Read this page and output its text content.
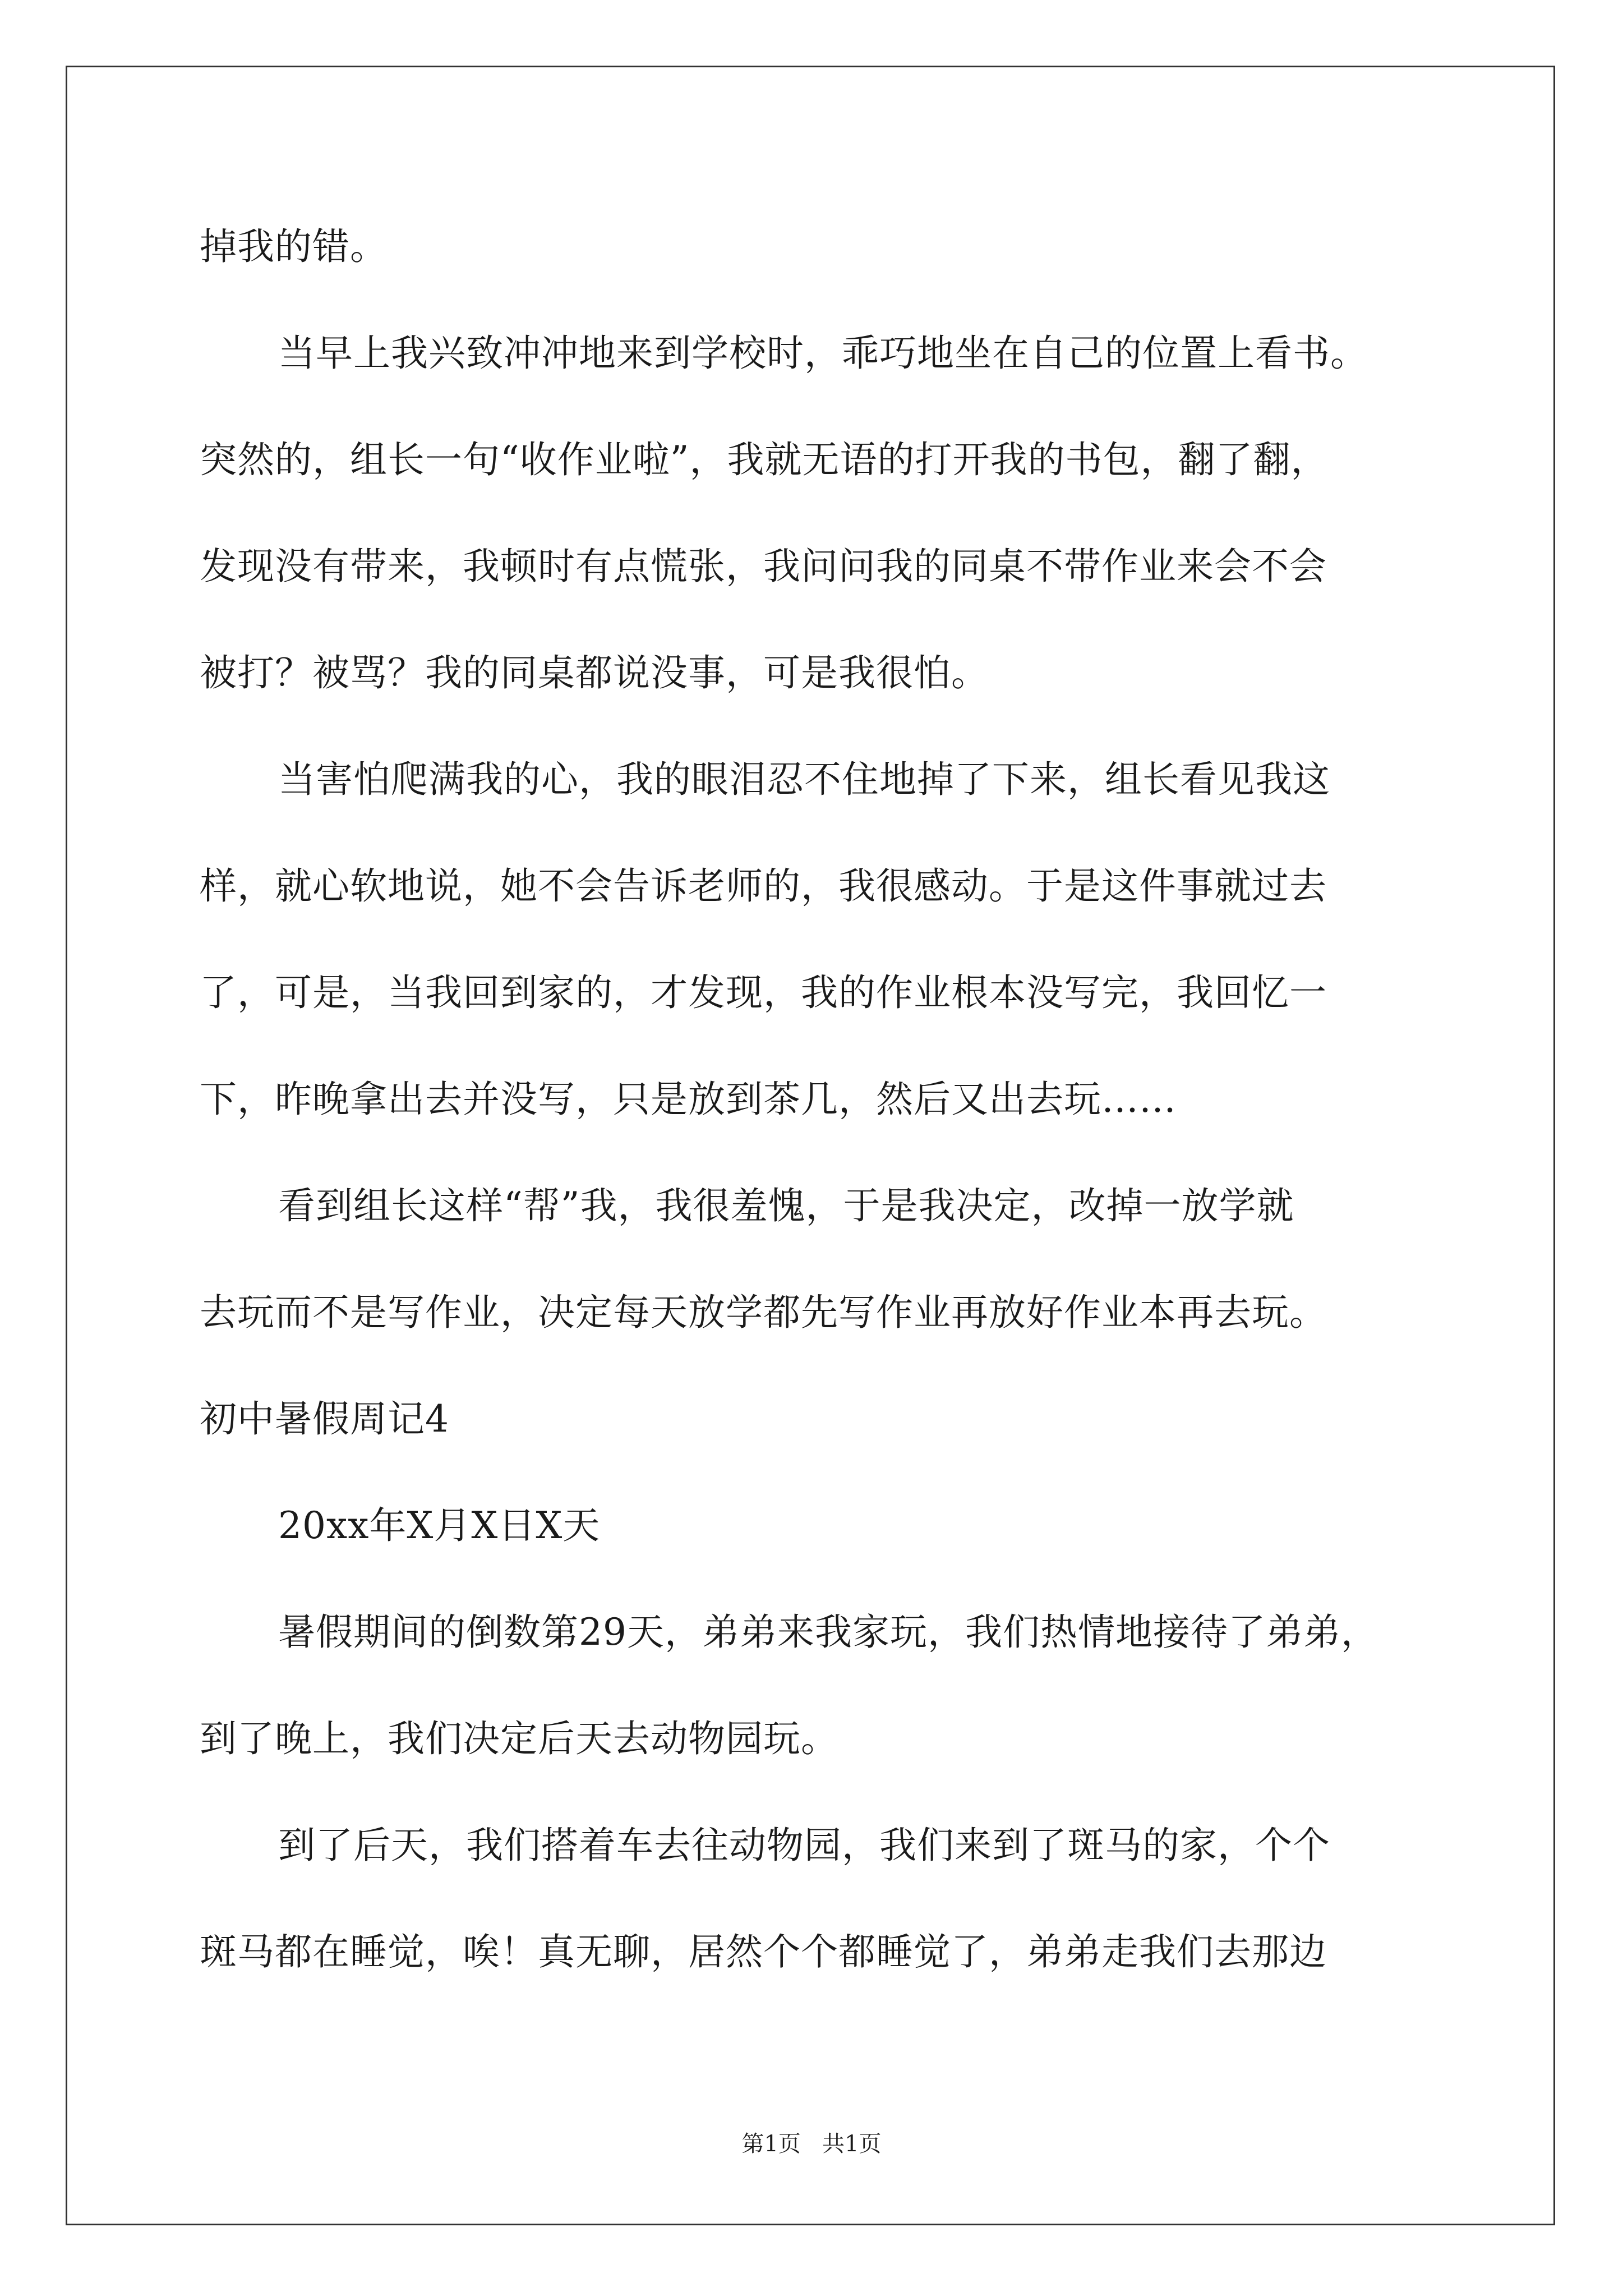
掉我的错。
当早上我兴致冲冲地来到学校时，乖巧地坐在自己的位置上看书。
突然的，组长一句“收作业啦”，我就无语的打开我的书包，翻了翻，
发现没有带来，我顿时有点慌张，我问问我的同桌不带作业来会不会
被打？被骂？我的同桌都说没事，可是我很怕。
当害怕爬满我的心，我的眼泪忍不住地掉了下来，组长看见我这
样，就心软地说，她不会告诉老师的，我很感动。于是这件事就过去
了，可是，当我回到家的，才发现，我的作业根本没写完，我回忆一
下，昨晚拿出去并没写，只是放到茶几，然后又出去玩……
看到组长这样“帮”我，我很羞愧，于是我决定，改掉一放学就
去玩而不是写作业，决定每天放学都先写作业再放好作业本再去玩。
初中暑假周记4
20xx年X月X日X天
暑假期间的倒数第29天，弟弟来我家玩，我们热情地接待了弟弟，
到了晚上，我们决定后天去动物园玩。
到了后天，我们搭着车去往动物园，我们来到了斑马的家，个个
斑马都在睡觉，唉！真无聊，居然个个都睡觉了，弟弟走我们去那边
第1页   共1页
